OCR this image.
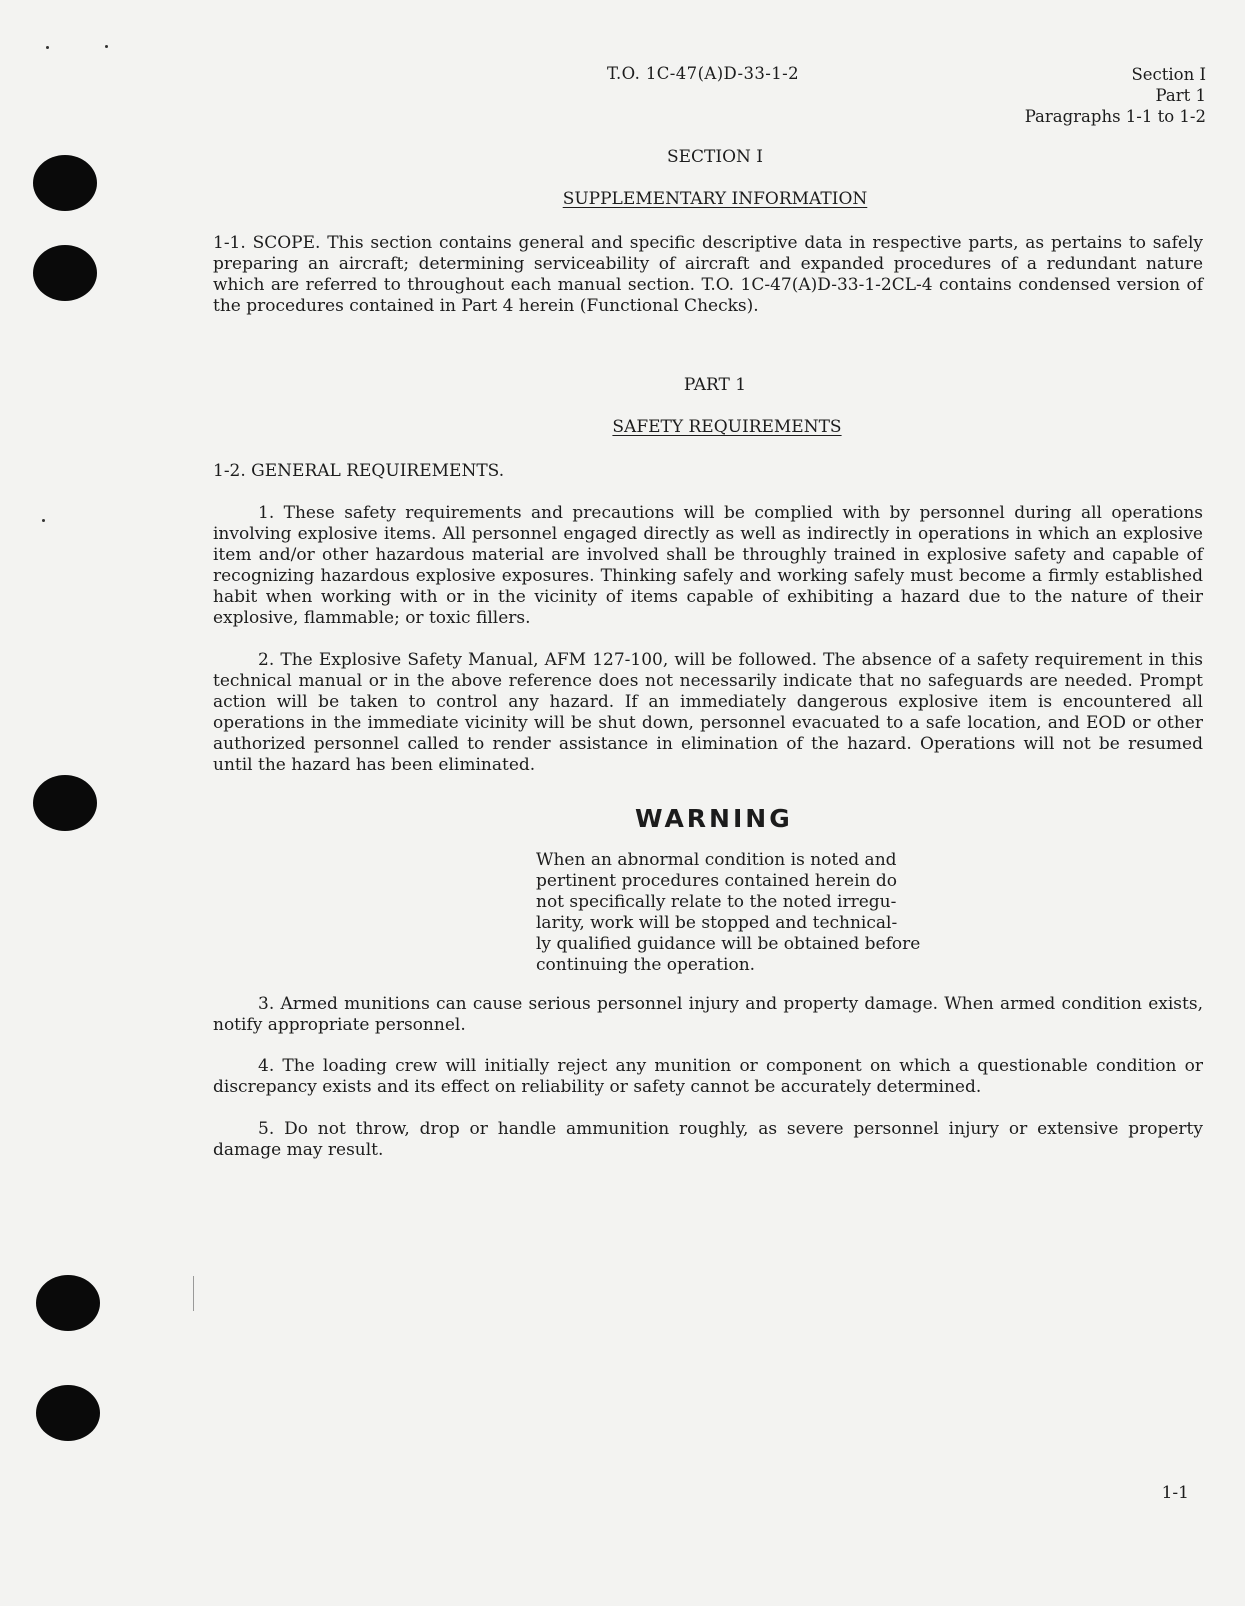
T.O. 1C-47(A)D-33-1-2	Section I
Part 1
Paragraphs 1-1 to 1-2
SECTION I
SUPPLEMENTARY INFORMATION

1-1. SCOPE. This section contains general and specific descriptive data in respective parts, as pertains to safely preparing an aircraft; determining serviceability of aircraft and expanded procedures of a redundant nature which are referred to throughout each manual section. T.O. 1C-47(A)D-33-1-2CL-4 contains condensed version of the procedures contained in Part 4 herein (Functional Checks).

PART 1
SAFETY REQUIREMENTS
1-2. GENERAL REQUIREMENTS.

1. These safety requirements and precautions will be complied with by personnel during all operations involving explosive items. All personnel engaged directly as well as indirectly in operations in which an explosive item and/or other hazardous material are involved shall be throughly trained in explosive safety and capable of recognizing hazardous explosive exposures. Thinking safely and working safely must become a firmly established habit when working with or in the vicinity of items capable of exhibiting a hazard due to the nature of their explosive, flammable; or toxic fillers.

2. The Explosive Safety Manual, AFM 127-100, will be followed. The absence of a safety requirement in this technical manual or in the above reference does not necessarily indicate that no safeguards are needed. Prompt action will be taken to control any hazard. If an immediately dangerous explosive item is encountered all operations in the immediate vicinity will be shut down, personnel evacuated to a safe location, and EOD or other authorized personnel called to render assistance in elimination of the hazard. Operations will not be resumed until the hazard has been eliminated.

WARNING
When an abnormal condition is noted and
pertinent procedures contained herein do
not specifically relate to the noted irregu-
larity, work will be stopped and technical-
ly qualified guidance will be obtained before
continuing the operation.

3. Armed munitions can cause serious personnel injury and property damage. When armed condition exists, notify appropriate personnel.

4. The loading crew will initially reject any munition or component on which a questionable condition or discrepancy exists and its effect on reliability or safety cannot be accurately determined.

5. Do not throw, drop or handle ammunition roughly, as severe personnel injury or extensive property damage may result.

1-1
